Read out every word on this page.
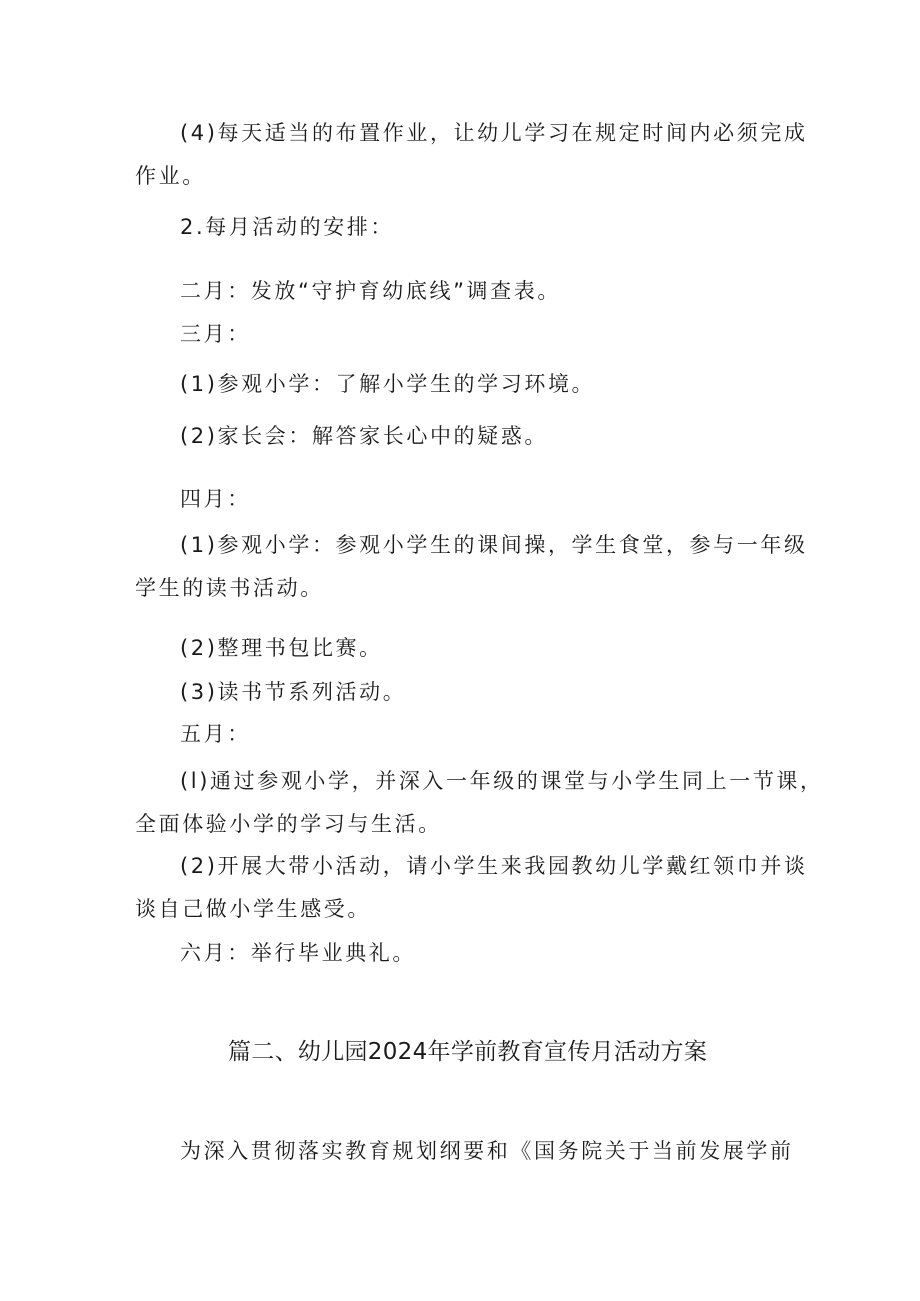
(4)每天适当的布置作业，让幼儿学习在规定时间内必须完成
作业。
2.每月活动的安排：
二月：发放“守护育幼底线”调查表。
三月：
(1)参观小学：了解小学生的学习环境。
(2)家长会：解答家长心中的疑惑。
四月：
(1)参观小学：参观小学生的课间操，学生食堂，参与一年级
学生的读书活动。
(2)整理书包比赛。
(3)读书节系列活动。
五月：
(l)通过参观小学，并深入一年级的课堂与小学生同上一节课，
全面体验小学的学习与生活。
(2)开展大带小活动，请小学生来我园教幼儿学戴红领巾并谈
谈自己做小学生感受。
六月：举行毕业典礼。
篇二、幼儿园2024年学前教育宣传月活动方案
为深入贯彻落实教育规划纲要和《国务院关于当前发展学前
